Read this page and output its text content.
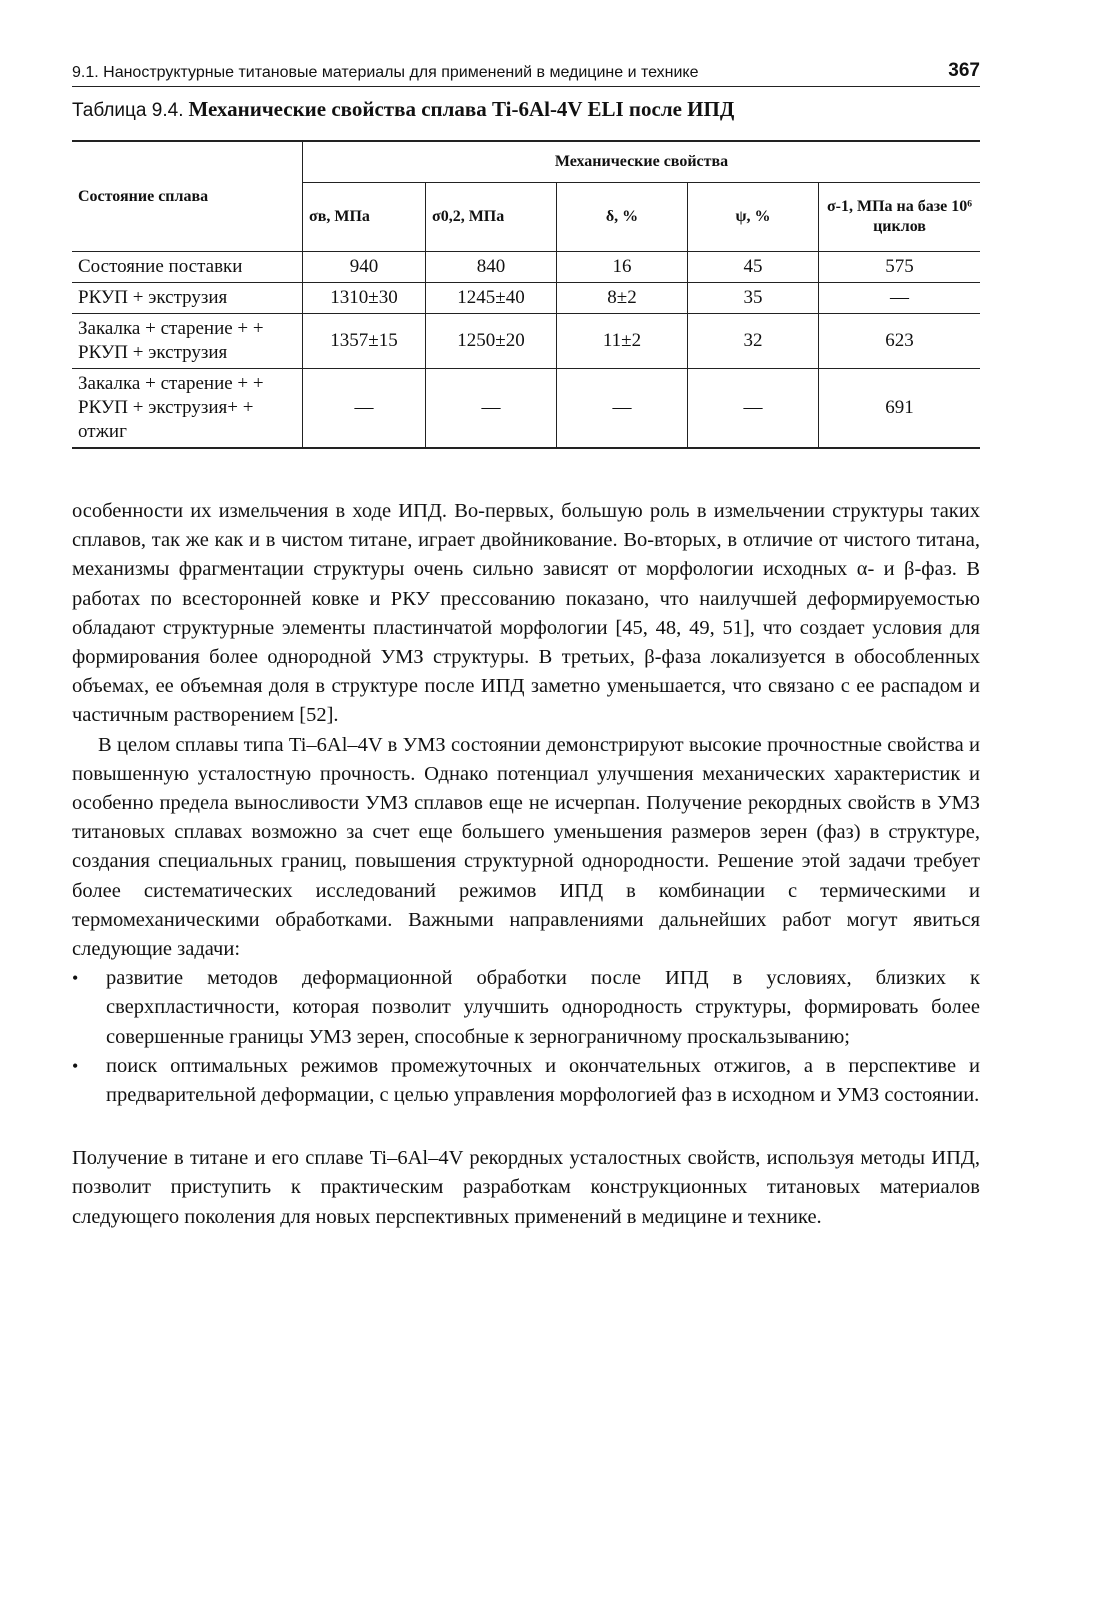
9.1. Наноструктурные титановые материалы для применений в медицине и технике	367
Таблица 9.4. Механические свойства сплава Ti-6Al-4V ELI после ИПД
Состояние сплава	Механические свойства				
	σв, МПа	σ0,2, МПа	δ, %	ψ, %	σ-1, МПа на базе 10⁶ циклов
Состояние поставки	940	840	16	45	575
РКУП + экструзия	1310±30	1245±40	8±2	35	—
Закалка + старение + + РКУП + экструзия	1357±15	1250±20	11±2	32	623
Закалка + старение + + РКУП + экструзия+ + отжиг	—	—	—	—	691

особенности их измельчения в ходе ИПД. Во-первых, большую роль в измельчении структуры таких сплавов, так же как и в чистом титане, играет двойникование. Во-вторых, в отличие от чистого титана, механизмы фрагментации структуры очень сильно зависят от морфологии исходных α- и β-фаз. В работах по всесторонней ковке и РКУ прессованию показано, что наилучшей деформируемостью обладают структурные элементы пластинчатой морфологии [45, 48, 49, 51], что создает условия для формирования более однородной УМЗ структуры. В третьих, β-фаза локализуется в обособленных объемах, ее объемная доля в структуре после ИПД заметно уменьшается, что связано с ее распадом и частичным растворением [52].

В целом сплавы типа Ti–6Al–4V в УМЗ состоянии демонстрируют высокие прочностные свойства и повышенную усталостную прочность. Однако потенциал улучшения механических характеристик и особенно предела выносливости УМЗ сплавов еще не исчерпан. Получение рекордных свойств в УМЗ титановых сплавах возможно за счет еще большего уменьшения размеров зерен (фаз) в структуре, создания специальных границ, повышения структурной однородности. Решение этой задачи требует более систематических исследований режимов ИПД в комбинации с термическими и термомеханическими обработками. Важными направлениями дальнейших работ могут явиться следующие задачи:

• развитие методов деформационной обработки после ИПД в условиях, близких к сверхпластичности, которая позволит улучшить однородность структуры, формировать более совершенные границы УМЗ зерен, способные к зернограничному проскальзыванию;
• поиск оптимальных режимов промежуточных и окончательных отжигов, а в перспективе и предварительной деформации, с целью управления морфологией фаз в исходном и УМЗ состоянии.
Получение в титане и его сплаве Ti–6Al–4V рекордных усталостных свойств, используя методы ИПД, позволит приступить к практическим разработкам конструкционных титановых материалов следующего поколения для новых перспективных применений в медицине и технике.
